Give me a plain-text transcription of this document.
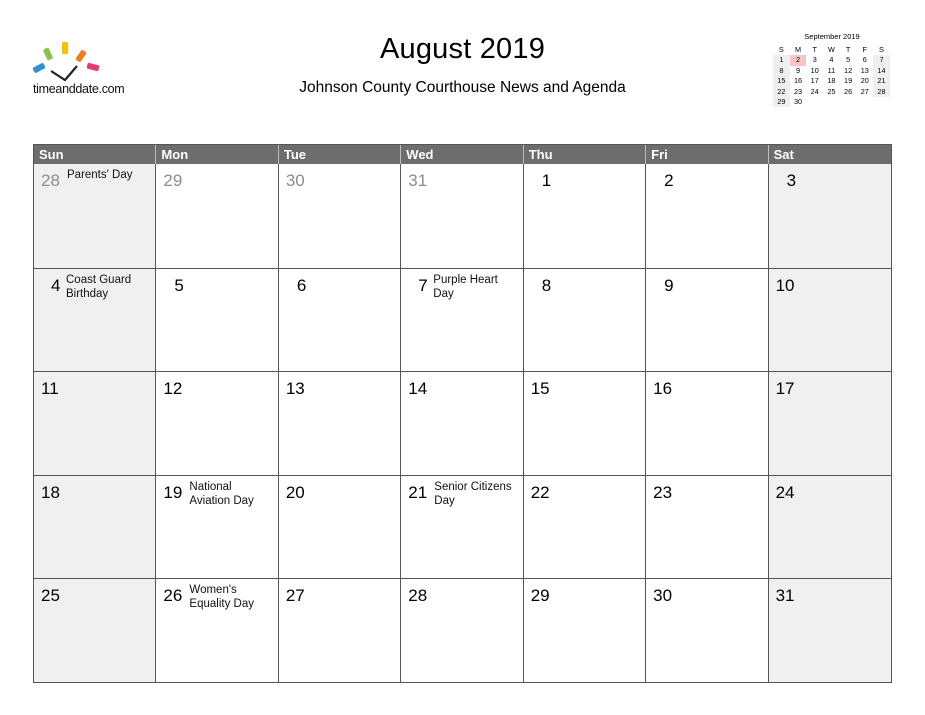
timeanddate.com
August 2019
Johnson County Courthouse News and Agenda
September 2019
S	M	T	W	T	F	S
1	2	3	4	5	6	7
8	9	10	11	12	13	14
15	16	17	18	19	20	21
22	23	24	25	26	27	28
29	30
Sun	Mon	Tue	Wed	Thu	Fri	Sat
28 Parents' Day	29	30	31	1	2	3
4 Coast Guard Birthday	5	6	7 Purple Heart Day	8	9	10
11	12	13	14	15	16	17
18	19 National Aviation Day	20	21 Senior Citizens Day	22	23	24
25	26 Women's Equality Day	27	28	29	30	31
